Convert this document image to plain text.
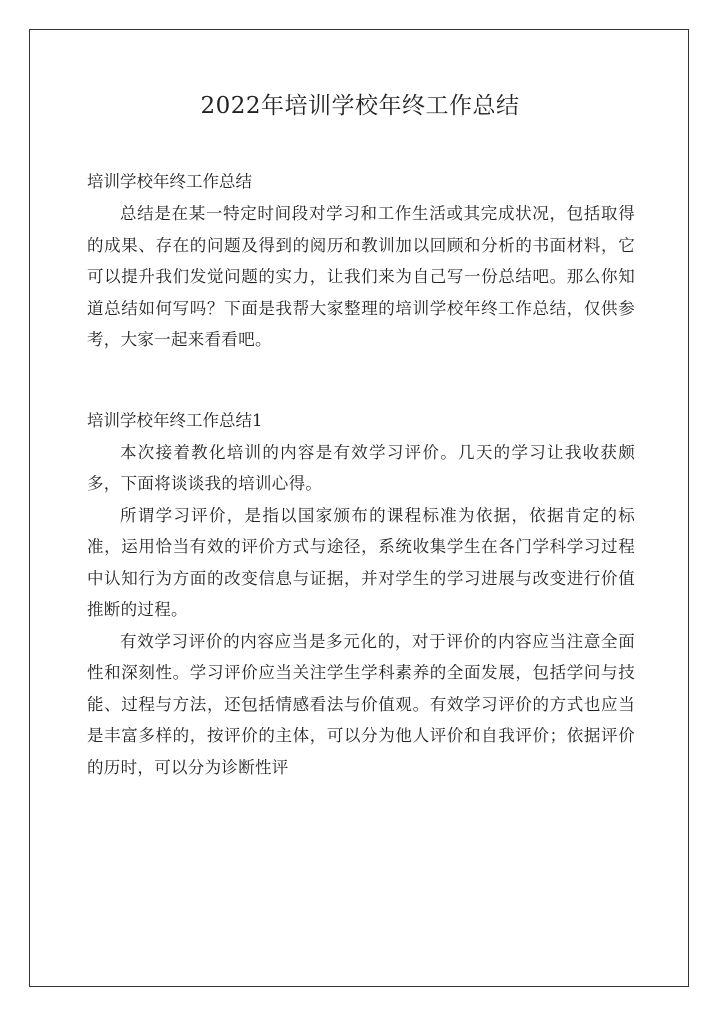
2022年培训学校年终工作总结
培训学校年终工作总结

总结是在某一特定时间段对学习和工作生活或其完成状况，包括取得的成果、存在的问题及得到的阅历和教训加以回顾和分析的书面材料，它可以提升我们发觉问题的实力，让我们来为自己写一份总结吧。那么你知道总结如何写吗？下面是我帮大家整理的培训学校年终工作总结，仅供参考，大家一起来看看吧。

培训学校年终工作总结1

本次接着教化培训的内容是有效学习评价。几天的学习让我收获颇多，下面将谈谈我的培训心得。

所谓学习评价，是指以国家颁布的课程标准为依据，依据肯定的标准，运用恰当有效的评价方式与途径，系统收集学生在各门学科学习过程中认知行为方面的改变信息与证据，并对学生的学习进展与改变进行价值推断的过程。

有效学习评价的内容应当是多元化的，对于评价的内容应当注意全面性和深刻性。学习评价应当关注学生学科素养的全面发展，包括学问与技能、过程与方法，还包括情感看法与价值观。有效学习评价的方式也应当是丰富多样的，按评价的主体，可以分为他人评价和自我评价；依据评价的历时，可以分为诊断性评
